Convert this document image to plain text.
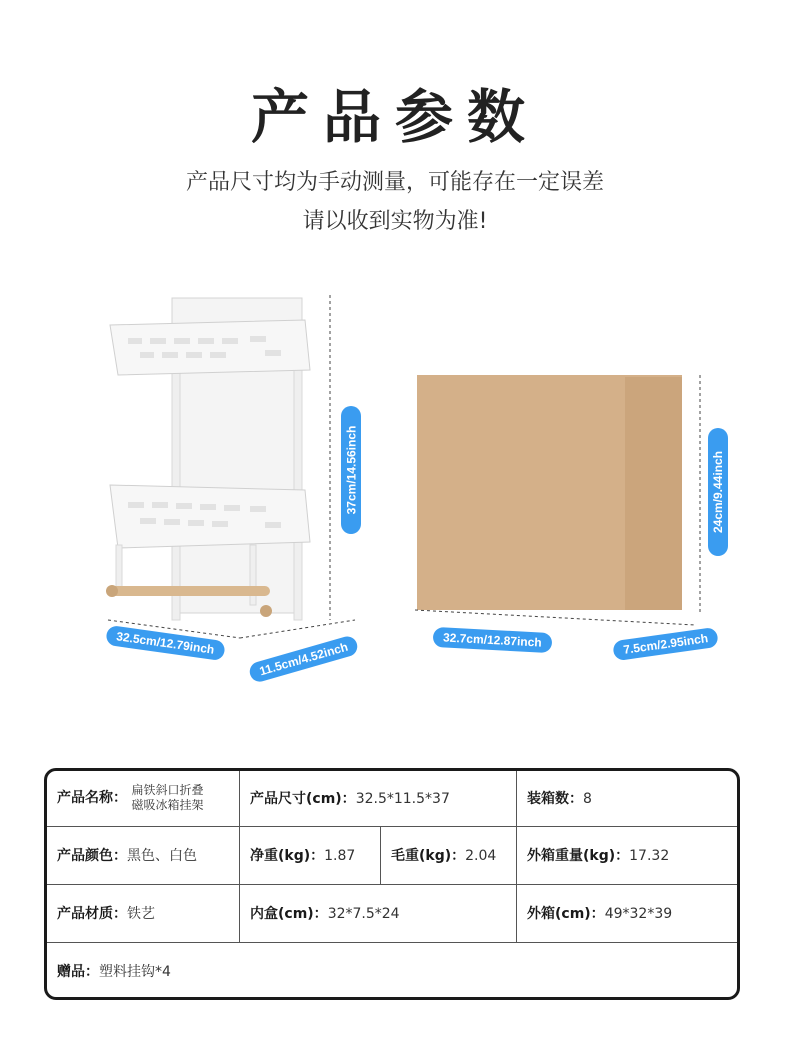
产品参数
产品尺寸均为手动测量，可能存在一定误差
请以收到实物为准!
32.5cm/12.79inch	11.5cm/4.52inch
37cm/14.56inch
32.7cm/12.87inch	7.5cm/2.95inch
24cm/9.44inch
产品名称： 扁铁斜口折叠
磁吸冰箱挂架	产品尺寸(cm)：32.5*11.5*37		装箱数：8
产品颜色：黑色、白色	净重(kg)：1.87	毛重(kg)：2.04	外箱重量(kg)：17.32
产品材质：铁艺	内盒(cm)：32*7.5*24		外箱(cm)：49*32*39
赠品：塑料挂钩*4			
